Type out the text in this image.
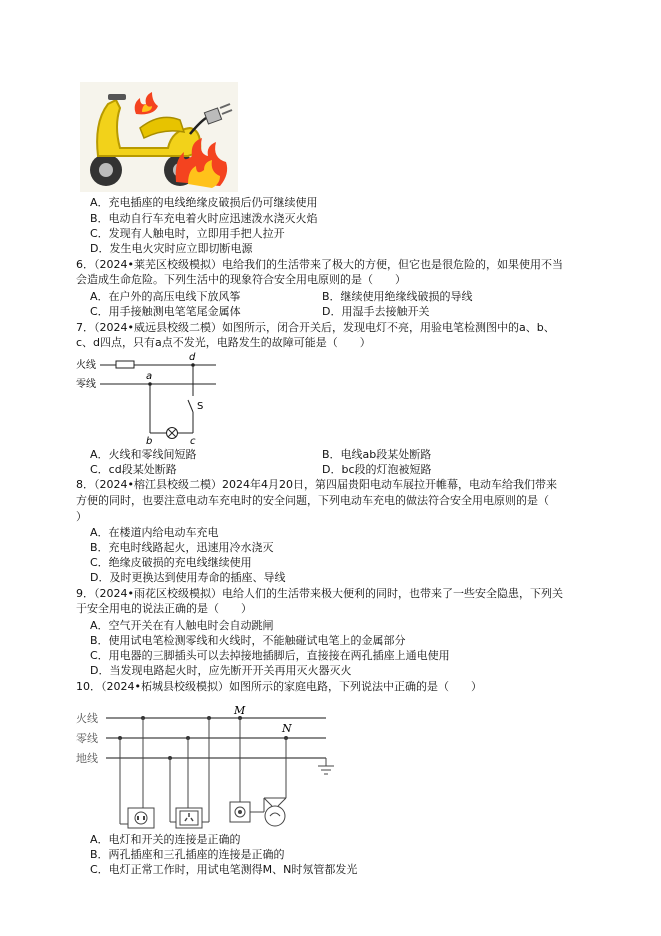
A．充电插座的电线绝缘皮破损后仍可继续使用
B．电动自行车充电着火时应迅速泼水浇灭火焰
C．发现有人触电时，立即用手把人拉开
D．发生电火灾时应立即切断电源
6．（2024•莱芜区校级模拟）电给我们的生活带来了极大的方便，但它也是很危险的，如果使用不当
会造成生命危险。下列生活中的现象符合安全用电原则的是（　　）
A．在户外的高压电线下放风筝	B．继续使用绝缘线破损的导线
C．用手接触测电笔笔尾金属体	D．用湿手去接触开关
7．（2024•威远县校级二模）如图所示，闭合开关后，发现电灯不亮，用验电笔检测图中的a、b、
c、d四点，只有a点不发光，电路发生的故障可能是（　　）
火线
零线
a
d
S
b	c
A．火线和零线间短路	B．电线ab段某处断路
C．cd段某处断路	D．bc段的灯泡被短路
8．（2024•榕江县校级二模）2024年4月20日，第四届贵阳电动车展拉开帷幕，电动车给我们带来
方便的同时，也要注意电动车充电时的安全问题，下列电动车充电的做法符合安全用电原则的是（
）
A．在楼道内给电动车充电
B．充电时线路起火，迅速用冷水浇灭
C．绝缘皮破损的充电线继续使用
D．及时更换达到使用寿命的插座、导线
9．（2024•雨花区校级模拟）电给人们的生活带来极大便利的同时，也带来了一些安全隐患，下列关
于安全用电的说法正确的是（　　）
A．空气开关在有人触电时会自动跳闸
B．使用试电笔检测零线和火线时，不能触碰试电笔上的金属部分
C．用电器的三脚插头可以去掉接地插脚后，直接接在两孔插座上通电使用
D．当发现电路起火时，应先断开开关再用灭火器灭火
10．（2024•柘城县校级模拟）如图所示的家庭电路，下列说法中正确的是（　　）
火线
零线
地线
M
N
A．电灯和开关的连接是正确的
B．两孔插座和三孔插座的连接是正确的
C．电灯正常工作时，用试电笔测得M、N时氖管都发光
